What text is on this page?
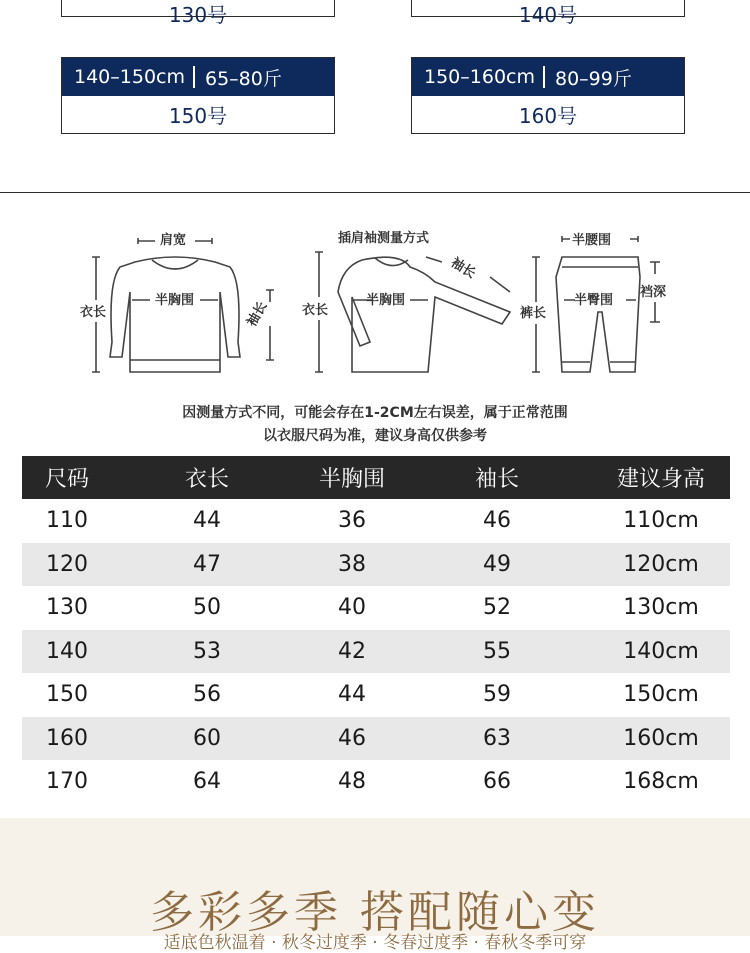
130号	140号
140–150cm 65–80斤
150号
150–160cm 80–99斤
160号
肩宽
半胸围
衣长	袖长
插肩袖测量方式
半胸围
衣长
袖长
半腰围
半臀围
裤长
裆深
因测量方式不同，可能会存在1-2CM左右误差，属于正常范围
以衣服尺码为准，建议身高仅供参考
尺码	衣长	半胸围	袖长	建议身高
110	44	36	46	110cm
120	47	38	49	120cm
130	50	40	52	130cm
140	53	42	55	140cm
150	56	44	59	150cm
160	60	46	63	160cm
170	64	48	66	168cm
多彩多季 搭配随心变
适底色秋温着 · 秋冬过度季 · 冬春过度季 · 春秋冬季可穿
